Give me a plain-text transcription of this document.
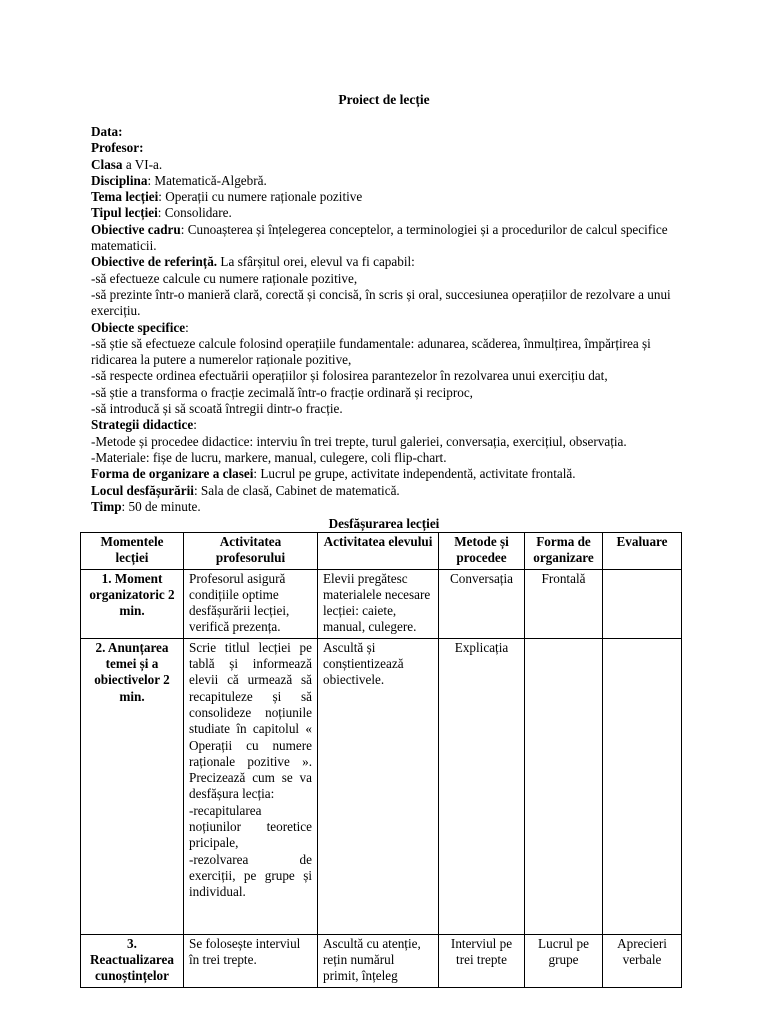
Proiect de lecție

Data:

Profesor:

Clasa a VI-a.

Disciplina: Matematică-Algebră.

Tema lecției: Operații cu numere raționale pozitive

Tipul lecției: Consolidare.

Obiective cadru: Cunoașterea și înțelegerea conceptelor, a terminologiei și a procedurilor de calcul specifice matematicii.

Obiective de referință. La sfârșitul orei, elevul va fi capabil:

-să efectueze calcule cu numere raționale pozitive,

-să prezinte într-o manieră clară, corectă și concisă, în scris și oral, succesiunea operațiilor de rezolvare a unui exercițiu.

Obiecte specifice:

-să știe să efectueze calcule folosind operațiile fundamentale: adunarea, scăderea, înmulțirea, împărțirea și ridicarea la putere a numerelor raționale pozitive,

-să respecte ordinea efectuării operațiilor și folosirea parantezelor în rezolvarea unui exercițiu dat,

-să știe a transforma o fracție zecimală într-o fracție ordinară și reciproc,

-să introducă și să scoată întregii dintr-o fracție.

Strategii didactice:

-Metode și procedee didactice: interviu în trei trepte, turul galeriei, conversația, exercițiul, observația.

-Materiale: fișe de lucru, markere, manual, culegere, coli flip-chart.

Forma de organizare a clasei: Lucrul pe grupe, activitate independentă, activitate frontală.

Locul desfășurării: Sala de clasă, Cabinet de matematică.

Timp: 50 de minute.

Desfășurarea lecției
Momentele lecției	Activitatea profesorului	Activitatea elevului	Metode și procedee	Forma de organizare	Evaluare
1. Moment organizatoric 2 min.	Profesorul asigură condițiile optime desfășurării lecției, verifică prezența.	Elevii pregătesc materialele necesare lecției: caiete, manual, culegere.	Conversația	Frontală	
2. Anunțarea temei și a obiectivelor 2 min.	Scrie titlul lecției pe tablă și informează elevii că urmează să recapituleze și să consolideze noțiunile studiate în capitolul « Operații cu numere raționale pozitive ». Precizează cum se va desfășura lecția:
-recapitularea noțiunilor teoretice pricipale,
-rezolvarea de exerciții, pe grupe și individual.	Ascultă și conștientizează obiectivele.	Explicația		
3. Reactualizarea cunoștințelor	Se folosește interviul în trei trepte.	Ascultă cu atenție, rețin numărul primit, înțeleg	Interviul pe trei trepte	Lucrul pe grupe	Aprecieri verbale
